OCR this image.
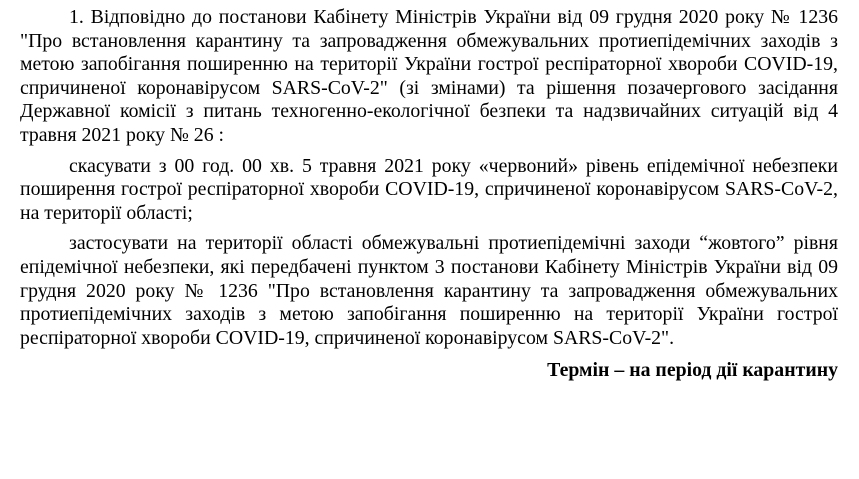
1. Відповідно до постанови Кабінету Міністрів України від 09 грудня 2020 року № 1236 "Про встановлення карантину та запровадження обмежувальних протиепідемічних заходів з метою запобігання поширенню на території України гострої респіраторної хвороби COVID-19, спричиненої коронавірусом SARS-CoV-2" (зі змінами) та рішення позачергового засідання Державної комісії з питань техногенно-екологічної безпеки та надзвичайних ситуацій від 4 травня 2021 року № 26 :

скасувати з 00 год. 00 хв. 5 травня 2021 року «червоний» рівень епідемічної небезпеки поширення гострої респіраторної хвороби COVID-19, спричиненої коронавірусом SARS-CoV-2, на території області;

застосувати на території області обмежувальні протиепідемічні заходи “жовтого” рівня епідемічної небезпеки, які передбачені пунктом 3 постанови Кабінету Міністрів України від 09 грудня 2020 року № 1236 "Про встановлення карантину та запровадження обмежувальних протиепідемічних заходів з метою запобігання поширенню на території України гострої респіраторної хвороби COVID-19, спричиненої коронавірусом SARS-CoV-2".

Термін – на період дії карантину
